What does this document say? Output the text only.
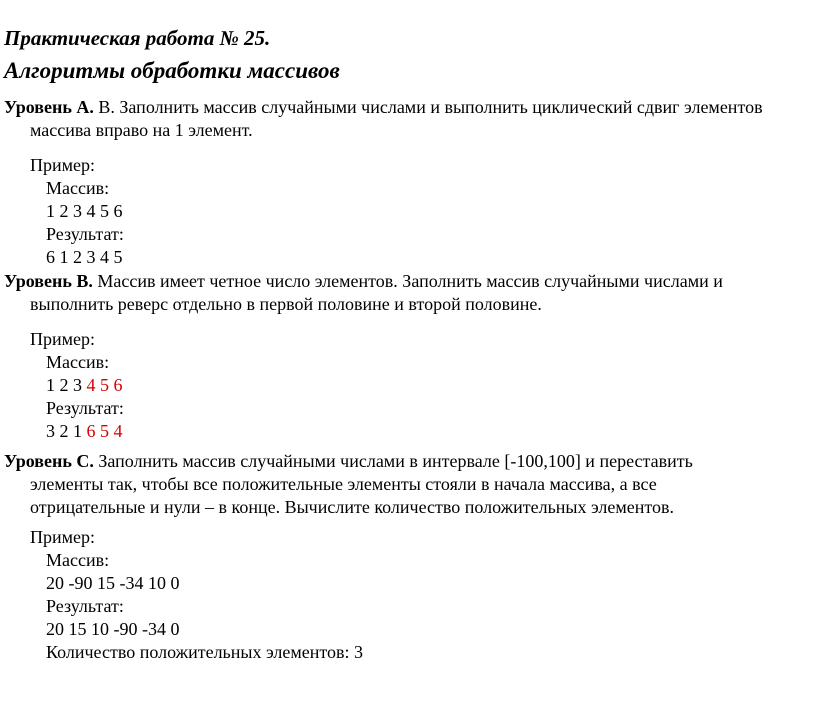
Практическая работа № 25.
Алгоритмы обработки массивов
Уровень А. В. Заполнить массив случайными числами и выполнить циклический сдвиг элементов
массива вправо на 1 элемент.
Пример:
Массив:
1 2 3 4 5 6
Результат:
6 1 2 3 4 5
Уровень В. Массив имеет четное число элементов. Заполнить массив случайными числами и
выполнить реверс отдельно в первой половине и второй половине.
Пример:
Массив:
1 2 3 4 5 6
Результат:
3 2 1 6 5 4
Уровень С. Заполнить массив случайными числами в интервале [-100,100] и переставить
элементы так, чтобы все положительные элементы стояли в начала массива, а все
отрицательные и нули – в конце. Вычислите количество положительных элементов.
Пример:
Массив:
20 -90 15 -34 10 0
Результат:
20 15 10 -90 -34 0
Количество положительных элементов: 3
